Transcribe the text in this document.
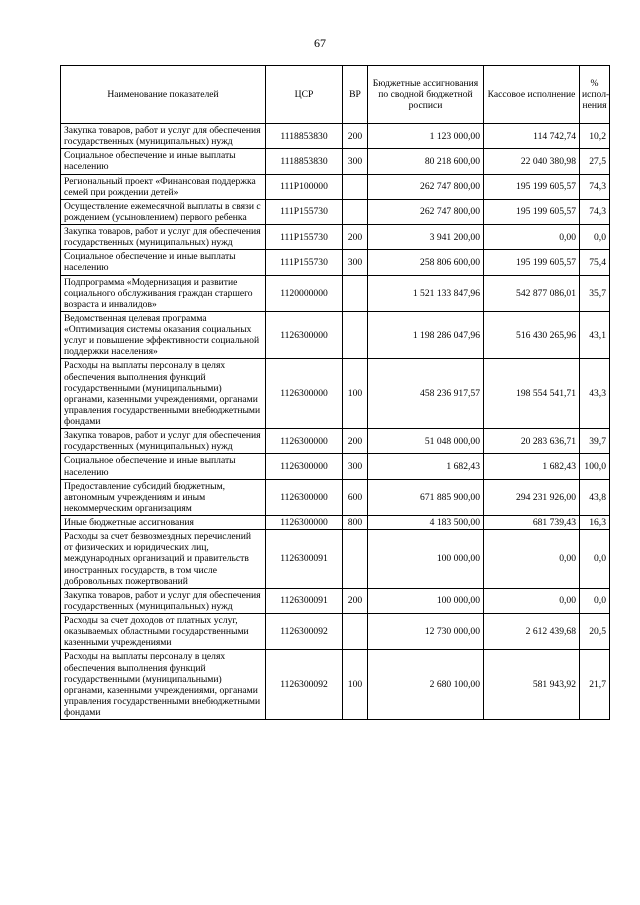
67
Наименование показателей	ЦСР	ВР	Бюджетные ассигнования по сводной бюджетной росписи	Кассовое исполнение	% испол-нения
Закупка товаров, работ и услуг для обеспечения государственных (муниципальных) нужд	1118853830	200	1 123 000,00	114 742,74	10,2
Социальное обеспечение и иные выплаты населению	1118853830	300	80 218 600,00	22 040 380,98	27,5
Региональный проект «Финансовая поддержка семей при рождении детей»	111P100000		262 747 800,00	195 199 605,57	74,3
Осуществление ежемесячной выплаты в связи с рождением (усыновлением) первого ребенка	111P155730		262 747 800,00	195 199 605,57	74,3
Закупка товаров, работ и услуг для обеспечения государственных (муниципальных) нужд	111P155730	200	3 941 200,00	0,00	0,0
Социальное обеспечение и иные выплаты населению	111P155730	300	258 806 600,00	195 199 605,57	75,4
Подпрограмма «Модернизация и развитие социального обслуживания граждан старшего возраста и инвалидов»	1120000000		1 521 133 847,96	542 877 086,01	35,7
Ведомственная целевая программа «Оптимизация системы оказания социальных услуг и повышение эффективности социальной поддержки населения»	1126300000		1 198 286 047,96	516 430 265,96	43,1
Расходы на выплаты персоналу в целях обеспечения выполнения функций государственными (муниципальными) органами, казенными учреждениями, органами управления государственными внебюджетными фондами	1126300000	100	458 236 917,57	198 554 541,71	43,3
Закупка товаров, работ и услуг для обеспечения государственных (муниципальных) нужд	1126300000	200	51 048 000,00	20 283 636,71	39,7
Социальное обеспечение и иные выплаты населению	1126300000	300	1 682,43	1 682,43	100,0
Предоставление субсидий бюджетным, автономным учреждениям и иным некоммерческим организациям	1126300000	600	671 885 900,00	294 231 926,00	43,8
Иные бюджетные ассигнования	1126300000	800	4 183 500,00	681 739,43	16,3
Расходы за счет безвозмездных перечислений от физических и юридических лиц, международных организаций и правительств иностранных государств, в том числе добровольных пожертвований	1126300091		100 000,00	0,00	0,0
Закупка товаров, работ и услуг для обеспечения государственных (муниципальных) нужд	1126300091	200	100 000,00	0,00	0,0
Расходы за счет доходов от платных услуг, оказываемых областными государственными казенными учреждениями	1126300092		12 730 000,00	2 612 439,68	20,5
Расходы на выплаты персоналу в целях обеспечения выполнения функций государственными (муниципальными) органами, казенными учреждениями, органами управления государственными внебюджетными фондами	1126300092	100	2 680 100,00	581 943,92	21,7
